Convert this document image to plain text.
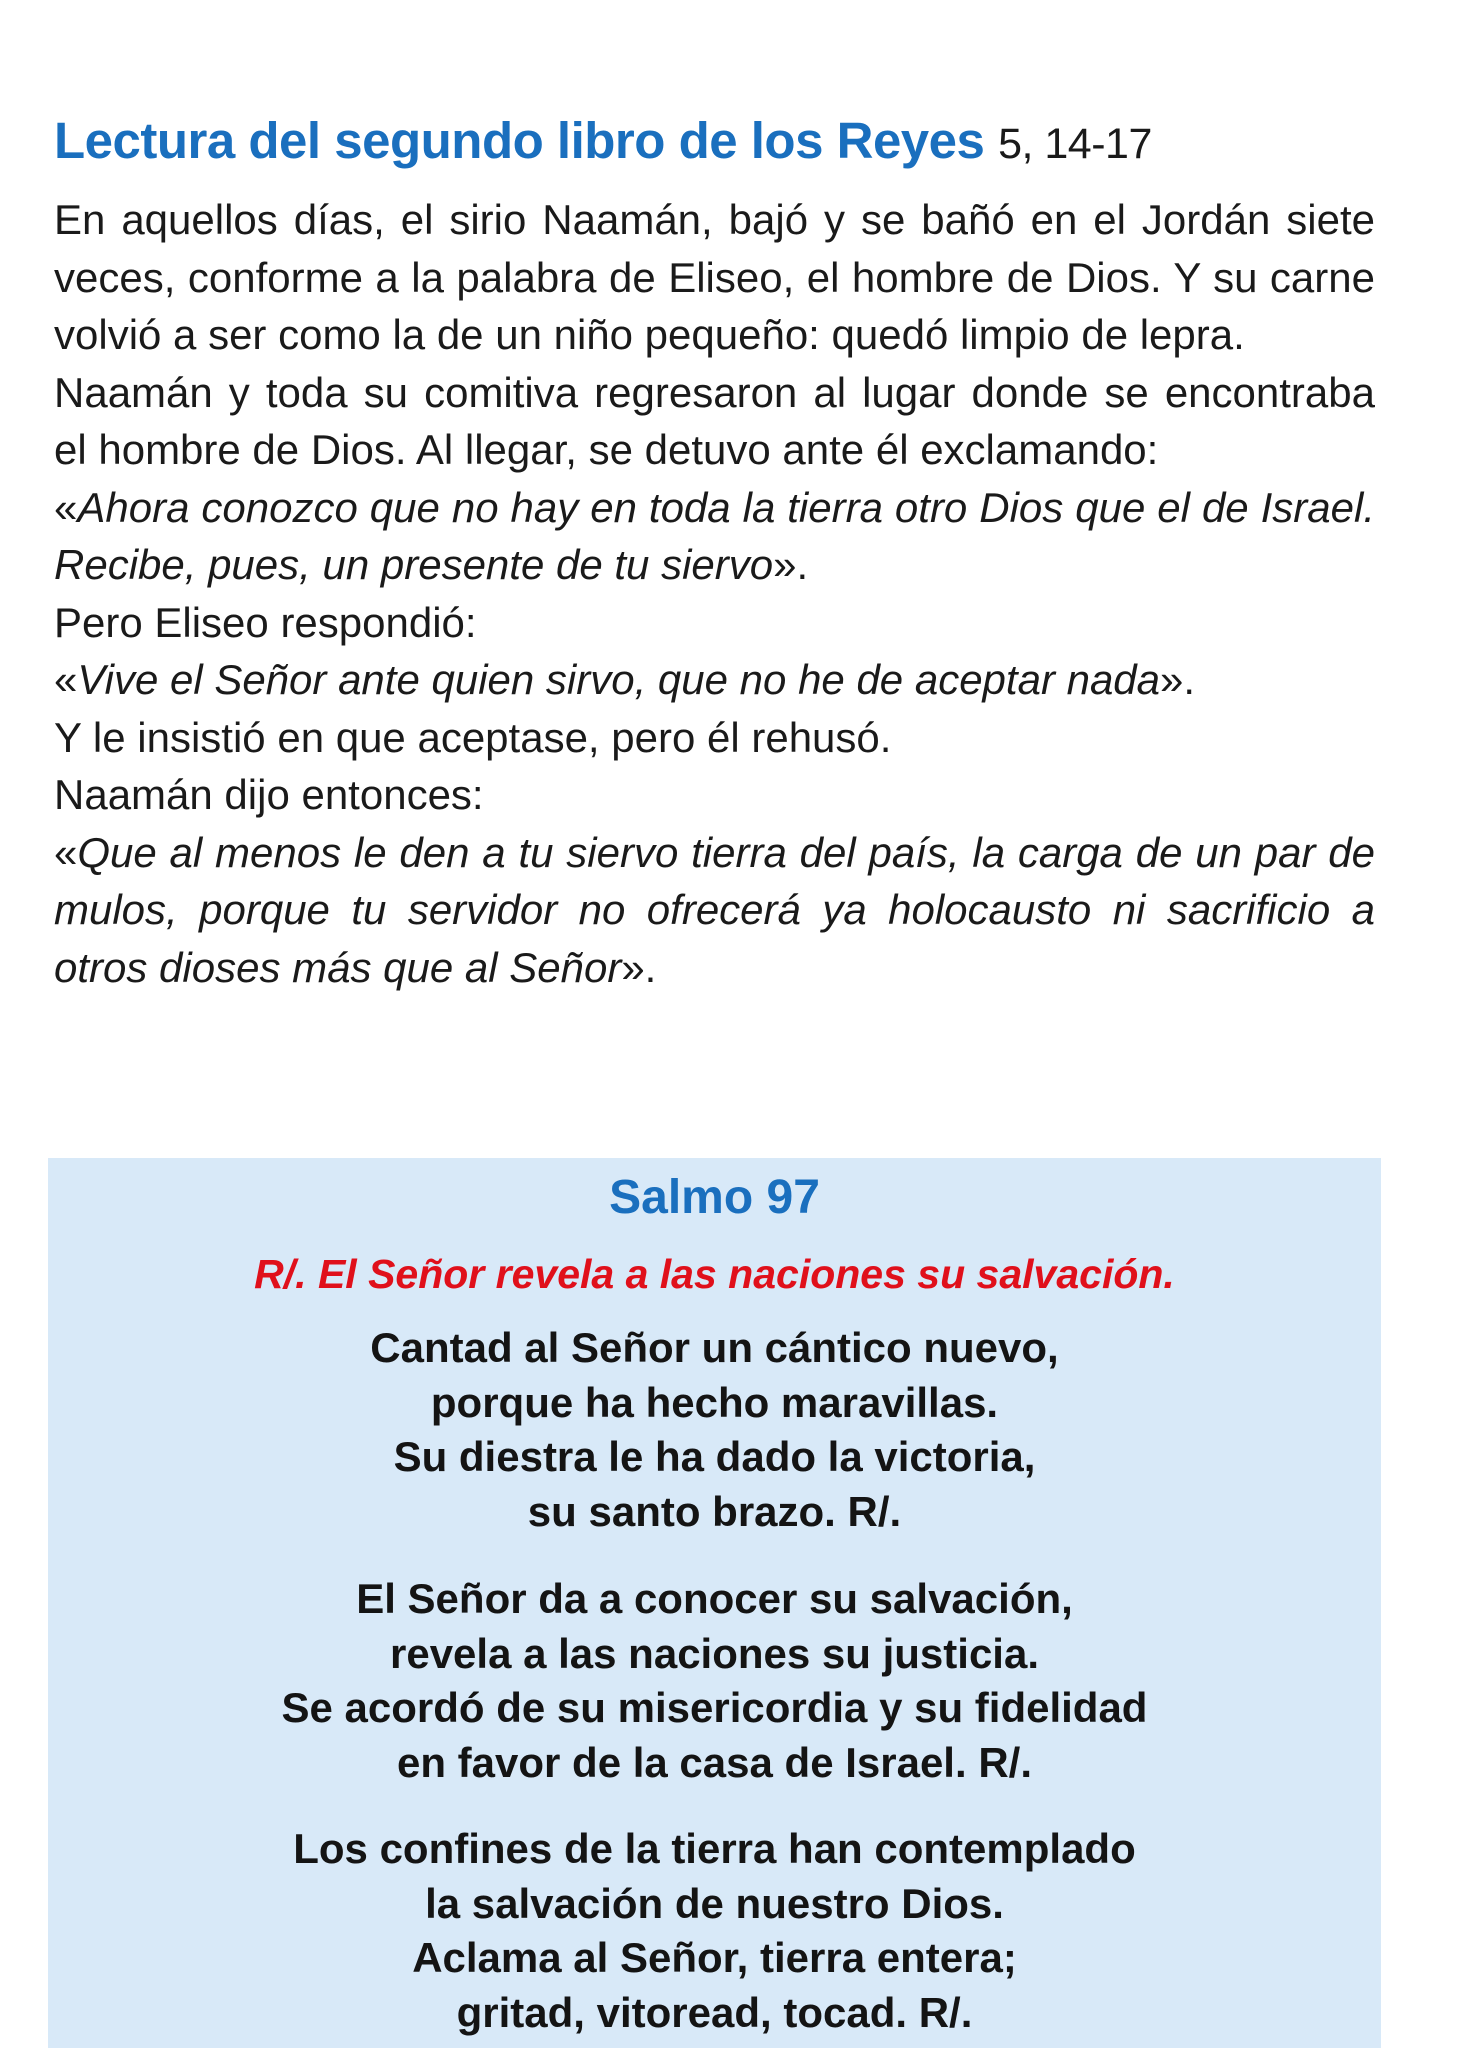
Lectura del segundo libro de los Reyes 5, 14-17

En aquellos días, el sirio Naamán, bajó y se bañó en el Jordán siete veces, conforme a la palabra de Eliseo, el hombre de Dios. Y su carne volvió a ser como la de un niño pequeño: quedó limpio de lepra.

Naamán y toda su comitiva regresaron al lugar donde se encontraba el hombre de Dios. Al llegar, se detuvo ante él exclamando:

«Ahora conozco que no hay en toda la tierra otro Dios que el de Israel. Recibe, pues, un presente de tu siervo».

Pero Eliseo respondió:

«Vive el Señor ante quien sirvo, que no he de aceptar nada».

Y le insistió en que aceptase, pero él rehusó.

Naamán dijo entonces:

«Que al menos le den a tu siervo tierra del país, la carga de un par de mulos, porque tu servidor no ofrecerá ya holocausto ni sacrificio a otros dioses más que al Señor».

Salmo 97

R/. El Señor revela a las naciones su salvación.

Cantad al Señor un cántico nuevo,
porque ha hecho maravillas.
Su diestra le ha dado la victoria,
su santo brazo. R/.

El Señor da a conocer su salvación,
revela a las naciones su justicia.
Se acordó de su misericordia y su fidelidad
en favor de la casa de Israel. R/.

Los confines de la tierra han contemplado
la salvación de nuestro Dios.
Aclama al Señor, tierra entera;
gritad, vitoread, tocad. R/.
